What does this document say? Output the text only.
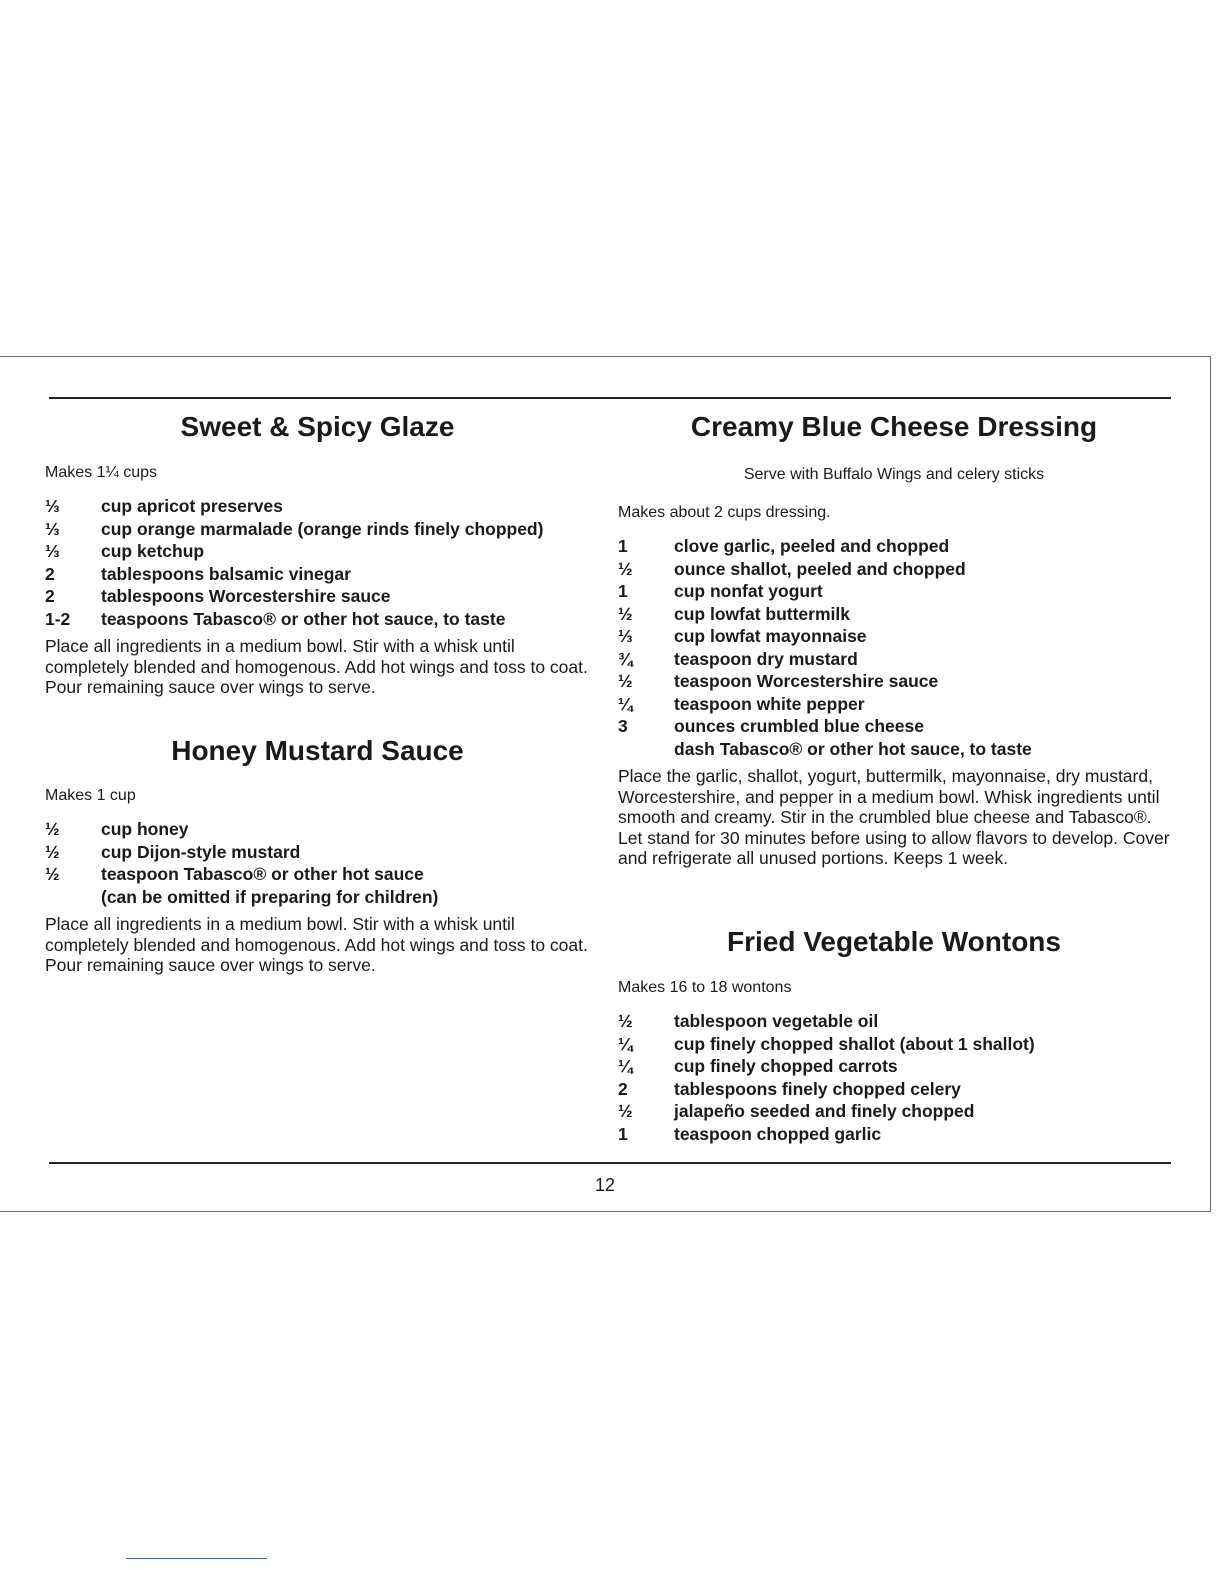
Sweet & Spicy Glaze

Makes 1¼ cups

⅓	cup apricot preserves
⅓	cup orange marmalade (orange rinds finely chopped)
⅓	cup ketchup
2	tablespoons balsamic vinegar
2	tablespoons Worcestershire sauce
1-2	teaspoons Tabasco® or other hot sauce, to taste

Place all ingredients in a medium bowl. Stir with a whisk until completely blended and homogenous. Add hot wings and toss to coat. Pour remaining sauce over wings to serve.

Honey Mustard Sauce

Makes 1 cup

½	cup honey
½	cup Dijon-style mustard
½	teaspoon Tabasco® or other hot sauce
(can be omitted if preparing for children)

Place all ingredients in a medium bowl. Stir with a whisk until completely blended and homogenous. Add hot wings and toss to coat. Pour remaining sauce over wings to serve.

Creamy Blue Cheese Dressing

Serve with Buffalo Wings and celery sticks

Makes about 2 cups dressing.

1	clove garlic, peeled and chopped
½	ounce shallot, peeled and chopped
1	cup nonfat yogurt
½	cup lowfat buttermilk
⅓	cup lowfat mayonnaise
¾	teaspoon dry mustard
½	teaspoon Worcestershire sauce
¼	teaspoon white pepper
3	ounces crumbled blue cheese
dash Tabasco® or other hot sauce, to taste

Place the garlic, shallot, yogurt, buttermilk, mayonnaise, dry mustard, Worcestershire, and pepper in a medium bowl. Whisk ingredients until smooth and creamy. Stir in the crumbled blue cheese and Tabasco®. Let stand for 30 minutes before using to allow flavors to develop. Cover and refrigerate all unused portions. Keeps 1 week.

Fried Vegetable Wontons

Makes 16 to 18 wontons

½	tablespoon vegetable oil
¼	cup finely chopped shallot (about 1 shallot)
¼	cup finely chopped carrots
2	tablespoons finely chopped celery
½	jalapeño seeded and finely chopped
1	teaspoon chopped garlic
12
